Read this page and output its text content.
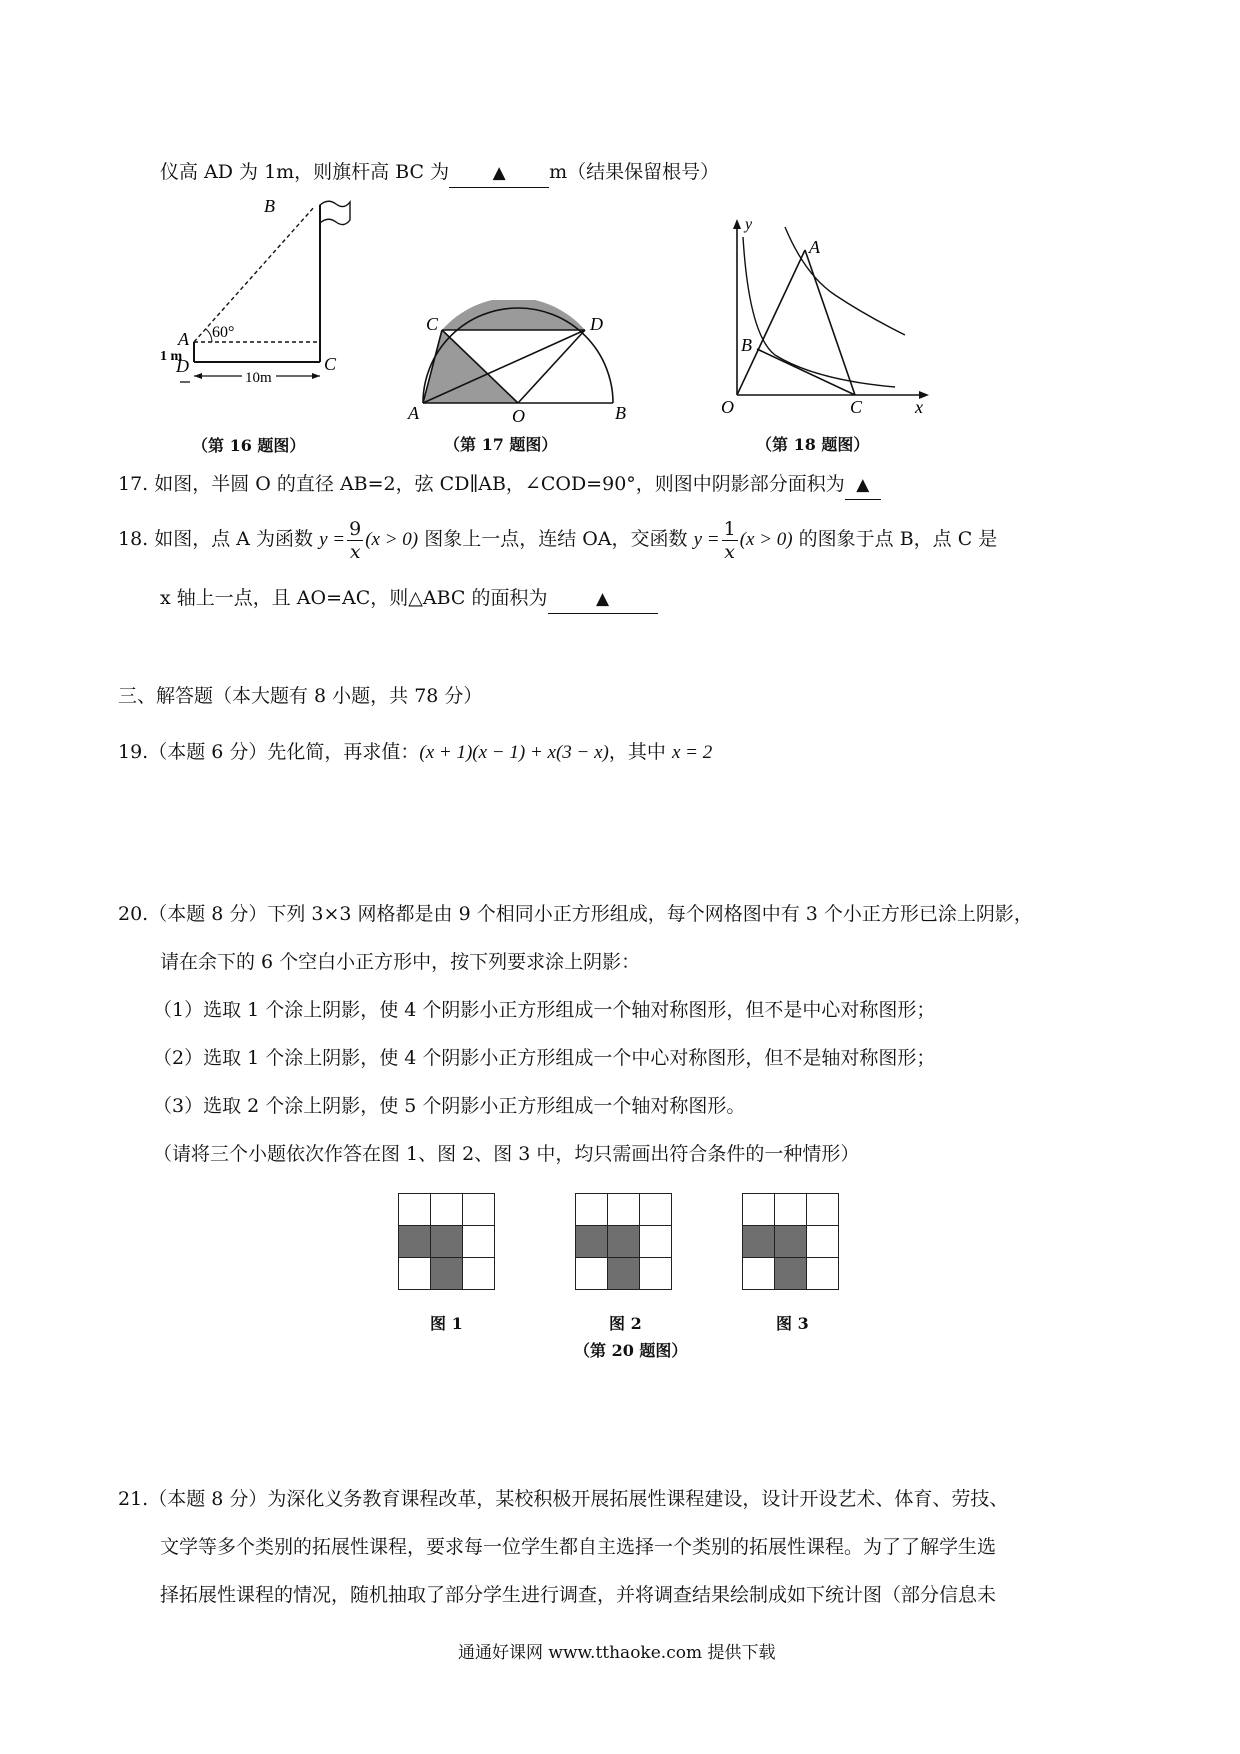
仪高 AD 为 1m，则旗杆高 BC 为	▲ m（结果保留根号）
B
A
D	C
60°
1 m
10m
（第 16 题图）
C	D
A	O	B
（第 17 题图）
y
A
B
O	C	x
（第 18 题图）
17. 如图，半圆 O 的直径 AB=2，弦 CD∥AB，∠COD=90°，则图中阴影部分面积为 ▲
18. 如图，点 A 为函数 $y = \frac{9}{x} (x > 0)$ 图象上一点，连结 OA，交函数 $y = \frac{1}{x} (x > 0)$ 的图象于点 B，点 C 是
x 轴上一点，且 AO=AC，则△ABC 的面积为	▲
三、解答题（本大题有 8 小题，共 78 分）
19.（本题 6 分）先化简，再求值：(x + 1)(x − 1) + x(3 − x)，其中 x = 2
20.（本题 8 分）下列 3×3 网格都是由 9 个相同小正方形组成，每个网格图中有 3 个小正方形已涂上阴影，
请在余下的 6 个空白小正方形中，按下列要求涂上阴影：
（1）选取 1 个涂上阴影，使 4 个阴影小正方形组成一个轴对称图形，但不是中心对称图形；
（2）选取 1 个涂上阴影，使 4 个阴影小正方形组成一个中心对称图形，但不是轴对称图形；
（3）选取 2 个涂上阴影，使 5 个阴影小正方形组成一个轴对称图形。
（请将三个小题依次作答在图 1、图 2、图 3 中，均只需画出符合条件的一种情形）
图 1	图 2	图 3
（第 20 题图）
21.（本题 8 分）为深化义务教育课程改革，某校积极开展拓展性课程建设，设计开设艺术、体育、劳技、
文学等多个类别的拓展性课程，要求每一位学生都自主选择一个类别的拓展性课程。为了了解学生选
择拓展性课程的情况，随机抽取了部分学生进行调查，并将调查结果绘制成如下统计图（部分信息未
通通好课网 www.tthaoke.com 提供下载
